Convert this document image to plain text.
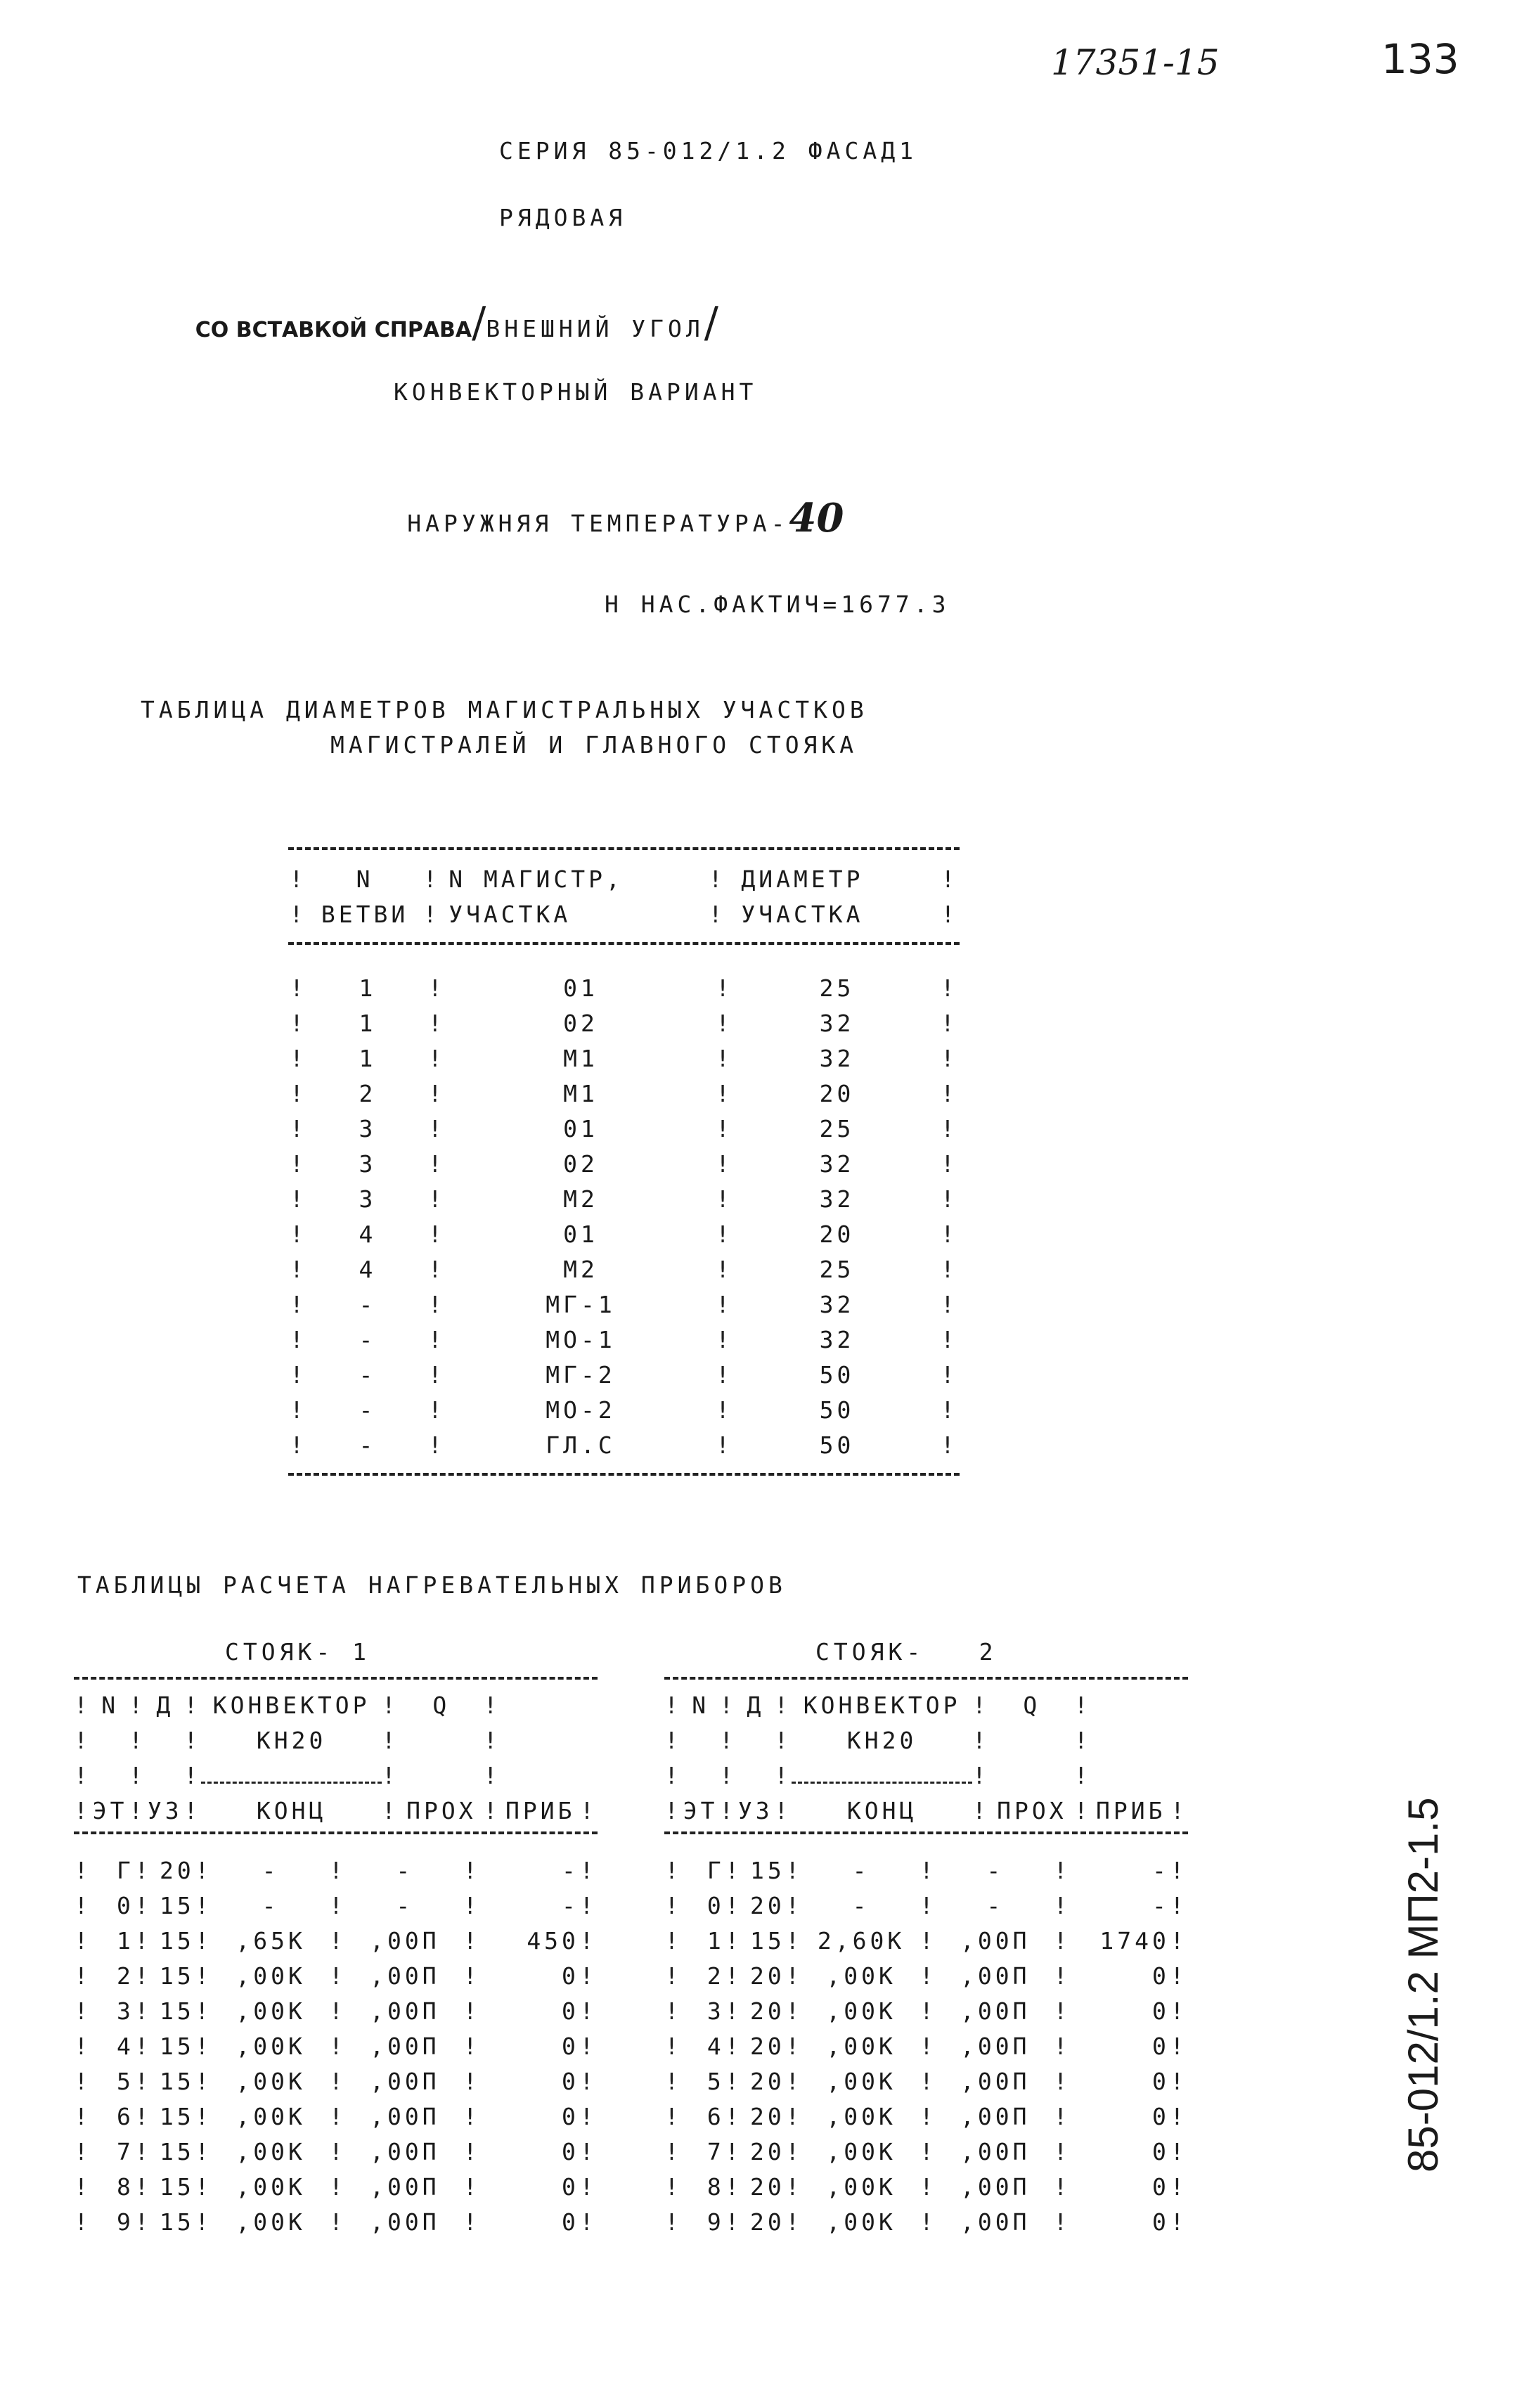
17351-15	133
СЕРИЯ 85-012/1.2 ФАСАД1
РЯДОВАЯ

СО ВСТАВКОЙ СПРАВА/ВНЕШНИЙ УГОЛ/

КОНВЕКТОРНЫЙ ВАРИАНТ

НАРУЖНЯЯ ТЕМПЕРАТУРА-40

Н НАС.ФАКТИЧ=1677.3
ТАБЛИЦА ДИАМЕТРОВ МАГИСТРАЛЬНЫХ УЧАСТКОВ
МАГИСТРАЛЕЙ И ГЛАВНОГО СТОЯКА
!	N	!	N МАГИСТР,	!	ДИАМЕТР	!
!	ВЕТВИ	!	УЧАСТКА	!	УЧАСТКА	!
!	1	!	01	!	25	!
!	1	!	02	!	32	!
!	1	!	М1	!	32	!
!	2	!	М1	!	20	!
!	3	!	01	!	25	!
!	3	!	02	!	32	!
!	3	!	М2	!	32	!
!	4	!	01	!	20	!
!	4	!	М2	!	25	!
!	-	!	МГ-1	!	32	!
!	-	!	МО-1	!	32	!
!	-	!	МГ-2	!	50	!
!	-	!	МО-2	!	50	!
!	-	!	ГЛ.С	!	50	!
ТАБЛИЦЫ РАСЧЕТА НАГРЕВАТЕЛЬНЫХ ПРИБОРОВ
СТОЯК- 1
!	N	!	Д	!	КОНВЕКТОР	!	Q	!		
!		!		!	КН20	!		!		
!		!		!		!		!		
!	ЭТ	!	УЗ	!	КОНЦ	!	ПРОХ	!	ПРИБ	!
!	Г	!	20	!	-	!	-	!	-	!
!	0	!	15	!	-	!	-	!	-	!
!	1	!	15	!	,65К	!	,00П	!	450	!
!	2	!	15	!	,00К	!	,00П	!	0	!
!	3	!	15	!	,00К	!	,00П	!	0	!
!	4	!	15	!	,00К	!	,00П	!	0	!
!	5	!	15	!	,00К	!	,00П	!	0	!
!	6	!	15	!	,00К	!	,00П	!	0	!
!	7	!	15	!	,00К	!	,00П	!	0	!
!	8	!	15	!	,00К	!	,00П	!	0	!
!	9	!	15	!	,00К	!	,00П	!	0	!
СТОЯК-   2
!	N	!	Д	!	КОНВЕКТОР	!	Q	!		
!		!		!	КН20	!		!		
!		!		!		!		!		
!	ЭТ	!	УЗ	!	КОНЦ	!	ПРОХ	!	ПРИБ	!
!	Г	!	15	!	-	!	-	!	-	!
!	0	!	20	!	-	!	-	!	-	!
!	1	!	15	!	2,60К	!	,00П	!	1740	!
!	2	!	20	!	,00К	!	,00П	!	0	!
!	3	!	20	!	,00К	!	,00П	!	0	!
!	4	!	20	!	,00К	!	,00П	!	0	!
!	5	!	20	!	,00К	!	,00П	!	0	!
!	6	!	20	!	,00К	!	,00П	!	0	!
!	7	!	20	!	,00К	!	,00П	!	0	!
!	8	!	20	!	,00К	!	,00П	!	0	!
!	9	!	20	!	,00К	!	,00П	!	0	!
85-012/1.2 МП2-1.5
